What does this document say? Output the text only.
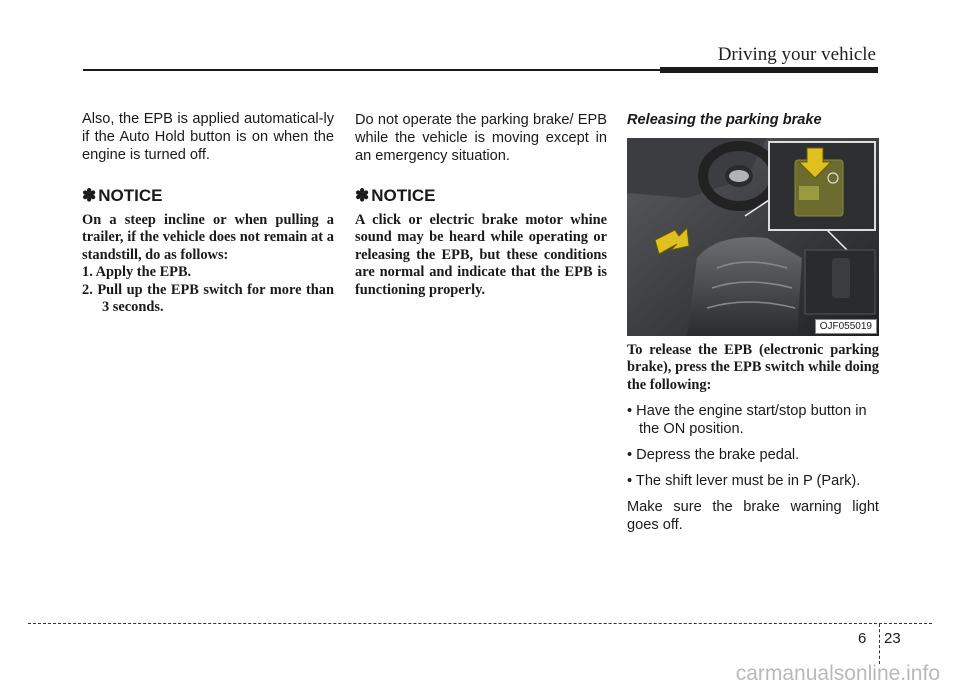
Driving your vehicle

Also, the EPB is applied automatical-ly if the Auto Hold button is on when the engine is turned off.

✽ NOTICE
On a steep incline or when pulling a trailer, if the vehicle does not remain at a standstill, do as follows:
1. Apply the EPB.
2. Pull up the EPB switch for more than 3 seconds.

Do not operate the parking brake/ EPB while the vehicle is moving except in an emergency situation.

✽ NOTICE

A click or electric brake motor whine sound may be heard while operating or releasing the EPB, but these conditions are normal and indicate that the EPB is functioning properly.

Releasing the parking brake

OJF055019

To release the EPB (electronic parking brake), press the EPB switch while doing the following:

• Have the engine start/stop button in the ON position.

• Depress the brake pedal.

• The shift lever must be in P (Park).

Make sure the brake warning light goes off.

6 23
carmanualsonline.info
